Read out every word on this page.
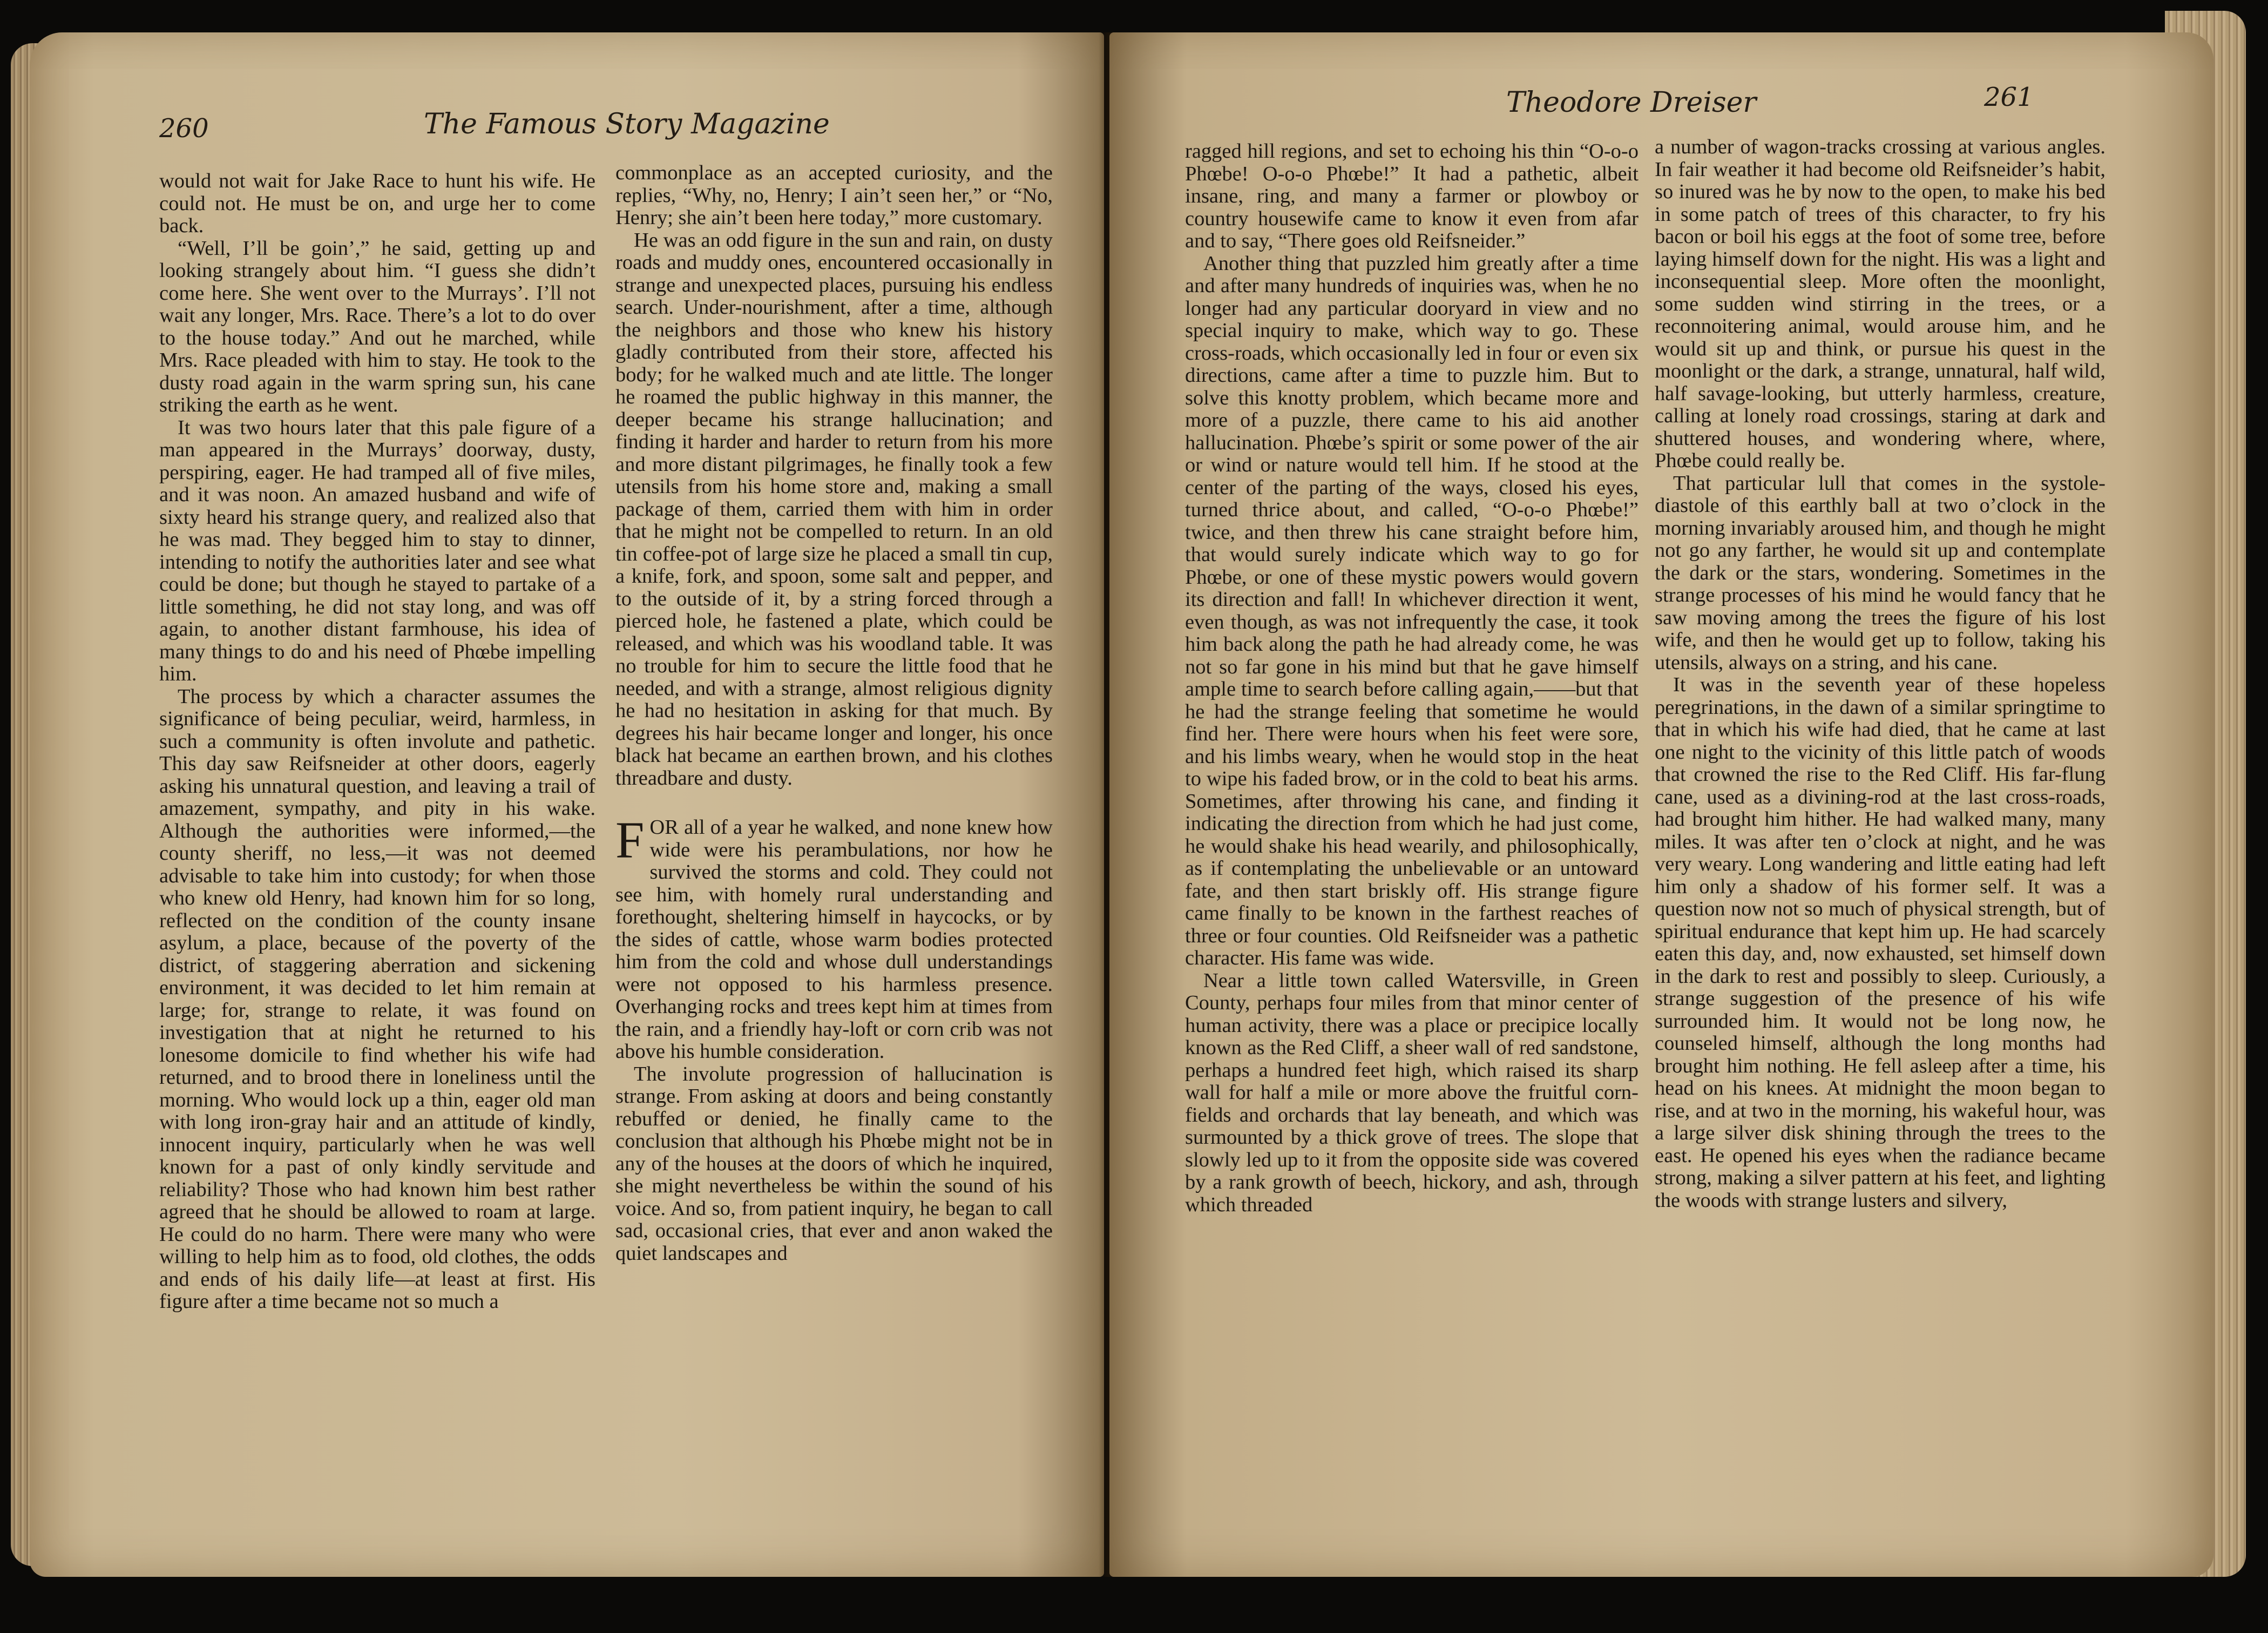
260	The Famous Story Magazine

would not wait for Jake Race to hunt his wife. He could not. He must be on, and urge her to come back.

“Well, I’ll be goin’,” he said, getting up and looking strangely about him. “I guess she didn’t come here. She went over to the Murrays’. I’ll not wait any longer, Mrs. Race. There’s a lot to do over to the house today.” And out he marched, while Mrs. Race pleaded with him to stay. He took to the dusty road again in the warm spring sun, his cane striking the earth as he went.

It was two hours later that this pale figure of a man appeared in the Murrays’ doorway, dusty, perspiring, eager. He had tramped all of five miles, and it was noon. An amazed husband and wife of sixty heard his strange query, and realized also that he was mad. They begged him to stay to dinner, intending to notify the authorities later and see what could be done; but though he stayed to partake of a little something, he did not stay long, and was off again, to another distant farmhouse, his idea of many things to do and his need of Phœbe impelling him.

The process by which a character assumes the significance of being peculiar, weird, harmless, in such a community is often involute and pathetic. This day saw Reifsneider at other doors, eagerly asking his unnatural question, and leaving a trail of amazement, sympathy, and pity in his wake. Although the authorities were informed,—the county sheriff, no less,—it was not deemed advisable to take him into custody; for when those who knew old Henry, had known him for so long, reflected on the condition of the county insane asylum, a place, because of the poverty of the district, of staggering aberration and sickening environment, it was decided to let him remain at large; for, strange to relate, it was found on investigation that at night he returned to his lonesome domicile to find whether his wife had returned, and to brood there in loneliness until the morning. Who would lock up a thin, eager old man with long iron-gray hair and an attitude of kindly, innocent inquiry, particularly when he was well known for a past of only kindly servitude and reliability? Those who had known him best rather agreed that he should be allowed to roam at large. He could do no harm. There were many who were willing to help him as to food, old clothes, the odds and ends of his daily life—at least at first. His figure after a time became not so much a

commonplace as an accepted curiosity, and the replies, “Why, no, Henry; I ain’t seen her,” or “No, Henry; she ain’t been here today,” more customary.

He was an odd figure in the sun and rain, on dusty roads and muddy ones, encountered occasionally in strange and unexpected places, pursuing his endless search. Under-nourishment, after a time, although the neighbors and those who knew his history gladly contributed from their store, affected his body; for he walked much and ate little. The longer he roamed the public highway in this manner, the deeper became his strange hallucination; and finding it harder and harder to return from his more and more distant pilgrimages, he finally took a few utensils from his home store and, making a small package of them, carried them with him in order that he might not be compelled to return. In an old tin coffee-pot of large size he placed a small tin cup, a knife, fork, and spoon, some salt and pepper, and to the outside of it, by a string forced through a pierced hole, he fastened a plate, which could be released, and which was his woodland table. It was no trouble for him to secure the little food that he needed, and with a strange, almost religious dignity he had no hesitation in asking for that much. By degrees his hair became longer and longer, his once black hat became an earthen brown, and his clothes threadbare and dusty.

FOR all of a year he walked, and none knew how wide were his perambulations, nor how he survived the storms and cold. They could not see him, with homely rural understanding and forethought, sheltering himself in haycocks, or by the sides of cattle, whose warm bodies protected him from the cold and whose dull understandings were not opposed to his harmless presence. Overhanging rocks and trees kept him at times from the rain, and a friendly hay-loft or corn crib was not above his humble consideration.

The involute progression of hallucination is strange. From asking at doors and being constantly rebuffed or denied, he finally came to the conclusion that although his Phœbe might not be in any of the houses at the doors of which he inquired, she might nevertheless be within the sound of his voice. And so, from patient inquiry, he began to call sad, occasional cries, that ever and anon waked the quiet landscapes and

Theodore Dreiser	261

ragged hill regions, and set to echoing his thin “O-o-o Phœbe! O-o-o Phœbe!” It had a pathetic, albeit insane, ring, and many a farmer or plowboy or country housewife came to know it even from afar and to say, “There goes old Reifsneider.”

Another thing that puzzled him greatly after a time and after many hundreds of inquiries was, when he no longer had any particular dooryard in view and no special inquiry to make, which way to go. These cross-roads, which occasionally led in four or even six directions, came after a time to puzzle him. But to solve this knotty problem, which became more and more of a puzzle, there came to his aid another hallucination. Phœbe’s spirit or some power of the air or wind or nature would tell him. If he stood at the center of the parting of the ways, closed his eyes, turned thrice about, and called, “O-o-o Phœbe!” twice, and then threw his cane straight before him, that would surely indicate which way to go for Phœbe, or one of these mystic powers would govern its direction and fall! In whichever direction it went, even though, as was not infrequently the case, it took him back along the path he had already come, he was not so far gone in his mind but that he gave himself ample time to search before calling again,——but that he had the strange feeling that sometime he would find her. There were hours when his feet were sore, and his limbs weary, when he would stop in the heat to wipe his faded brow, or in the cold to beat his arms. Sometimes, after throwing his cane, and finding it indicating the direction from which he had just come, he would shake his head wearily, and philosophically, as if contemplating the unbelievable or an untoward fate, and then start briskly off. His strange figure came finally to be known in the farthest reaches of three or four counties. Old Reifsneider was a pathetic character. His fame was wide.

Near a little town called Watersville, in Green County, perhaps four miles from that minor center of human activity, there was a place or precipice locally known as the Red Cliff, a sheer wall of red sandstone, perhaps a hundred feet high, which raised its sharp wall for half a mile or more above the fruitful corn-fields and orchards that lay beneath, and which was surmounted by a thick grove of trees. The slope that slowly led up to it from the opposite side was covered by a rank growth of beech, hickory, and ash, through which threaded

a number of wagon-tracks crossing at various angles. In fair weather it had become old Reifsneider’s habit, so inured was he by now to the open, to make his bed in some patch of trees of this character, to fry his bacon or boil his eggs at the foot of some tree, before laying himself down for the night. His was a light and inconsequential sleep. More often the moonlight, some sudden wind stirring in the trees, or a reconnoitering animal, would arouse him, and he would sit up and think, or pursue his quest in the moonlight or the dark, a strange, unnatural, half wild, half savage-looking, but utterly harmless, creature, calling at lonely road crossings, staring at dark and shuttered houses, and wondering where, where, Phœbe could really be.

That particular lull that comes in the systole-diastole of this earthly ball at two o’clock in the morning invariably aroused him, and though he might not go any farther, he would sit up and contemplate the dark or the stars, wondering. Sometimes in the strange processes of his mind he would fancy that he saw moving among the trees the figure of his lost wife, and then he would get up to follow, taking his utensils, always on a string, and his cane.

It was in the seventh year of these hopeless peregrinations, in the dawn of a similar springtime to that in which his wife had died, that he came at last one night to the vicinity of this little patch of woods that crowned the rise to the Red Cliff. His far-flung cane, used as a divining-rod at the last cross-roads, had brought him hither. He had walked many, many miles. It was after ten o’clock at night, and he was very weary. Long wandering and little eating had left him only a shadow of his former self. It was a question now not so much of physical strength, but of spiritual endurance that kept him up. He had scarcely eaten this day, and, now exhausted, set himself down in the dark to rest and possibly to sleep. Curiously, a strange suggestion of the presence of his wife surrounded him. It would not be long now, he counseled himself, although the long months had brought him nothing. He fell asleep after a time, his head on his knees. At midnight the moon began to rise, and at two in the morning, his wakeful hour, was a large silver disk shining through the trees to the east. He opened his eyes when the radiance became strong, making a silver pattern at his feet, and lighting the woods with strange lusters and silvery,
